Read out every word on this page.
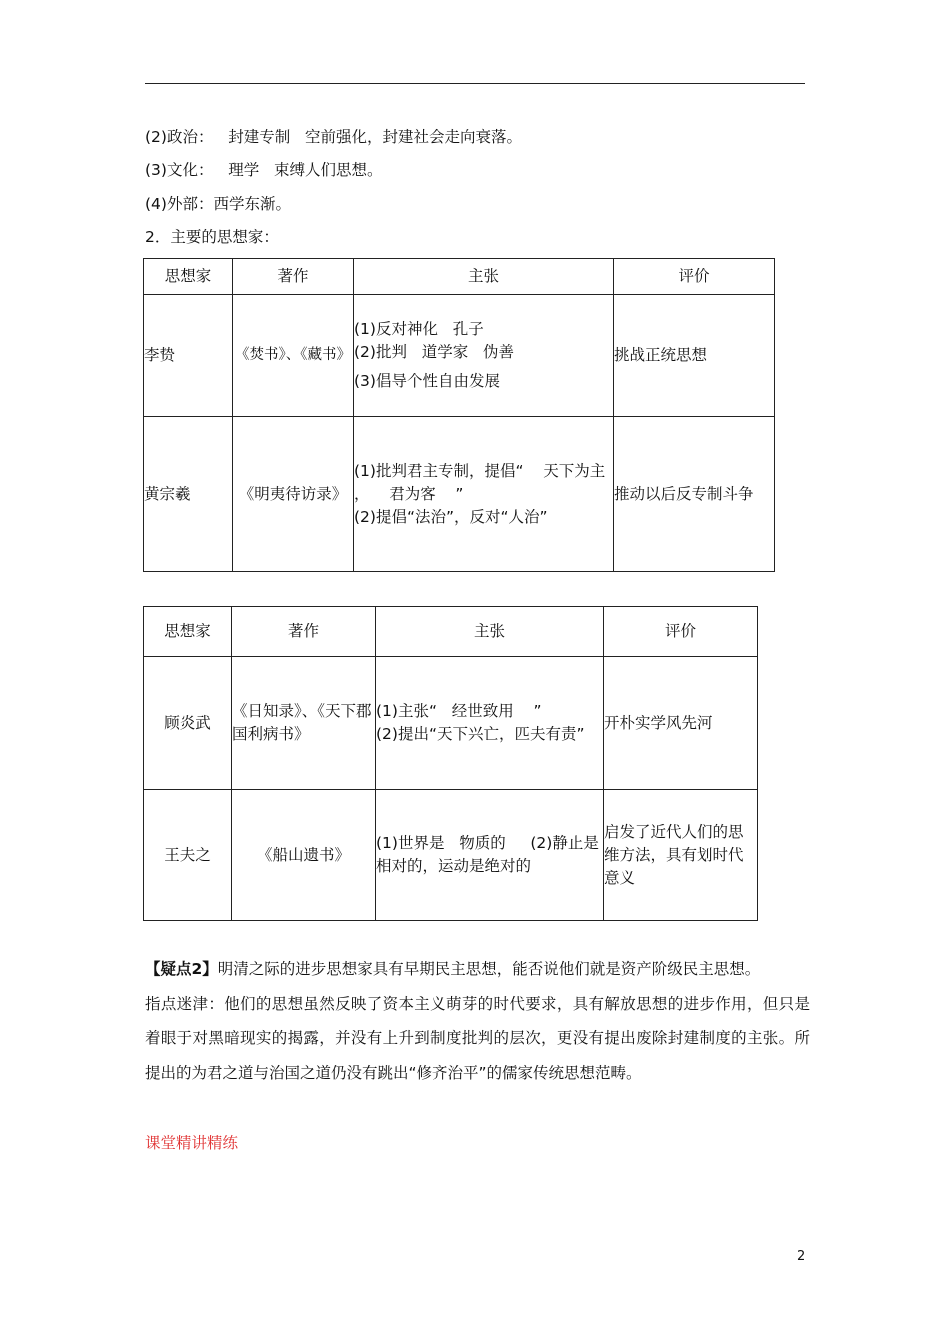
(2)政治：   封建专制   空前强化，封建社会走向衰落。
(3)文化：   理学   束缚人们思想。
(4)外部：西学东渐。
2．主要的思想家：
思想家	著作	主张	评价
李贽	《焚书》、《藏书》	(1)反对神化   孔子
(2)批判   道学家   伪善
(3)倡导个性自由发展	挑战正统思想
黄宗羲	《明夷待访录》	(1)批判君主专制，提倡“    天下为主    ，    君为客    ”
(2)提倡“法治”，反对“人治”	推动以后反专制斗争
思想家	著作	主张	评价
顾炎武	《日知录》、《天下郡国利病书》	(1)主张“   经世致用    ”
(2)提出“天下兴亡，匹夫有责”	开朴实学风先河
王夫之	《船山遗书》	(1)世界是   物质的     (2)静止是相对的，运动是绝对的	启发了近代人们的思维方法，具有划时代意义
【疑点2】明清之际的进步思想家具有早期民主思想，能否说他们就是资产阶级民主思想。
指点迷津：他们的思想虽然反映了资本主义萌芽的时代要求，具有解放思想的进步作用，但只是着眼于对黑暗现实的揭露，并没有上升到制度批判的层次，更没有提出废除封建制度的主张。所提出的为君之道与治国之道仍没有跳出“修齐治平”的儒家传统思想范畴。
课堂精讲精练
2
